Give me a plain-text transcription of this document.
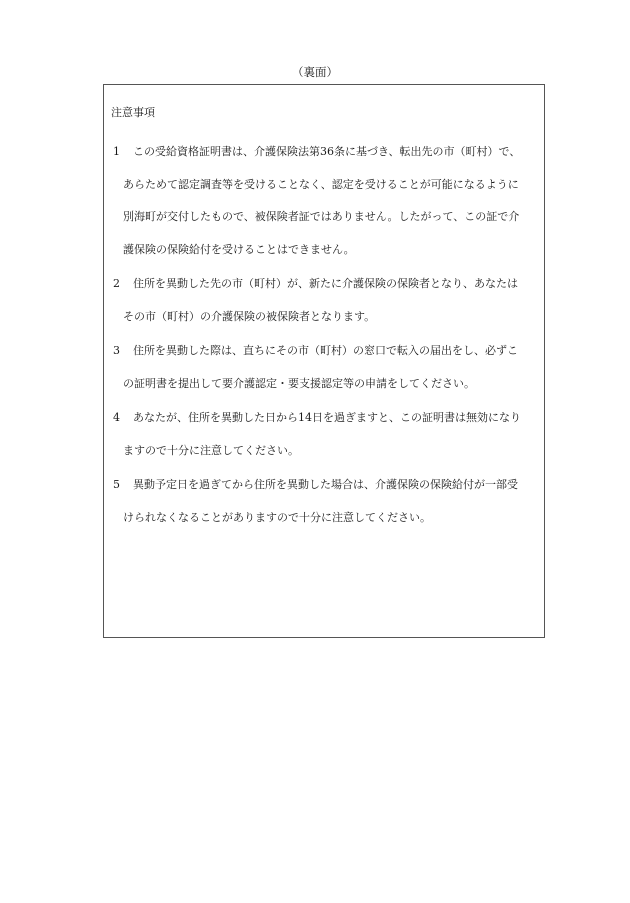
（裏面）
注意事項
1	この受給資格証明書は、介護保険法第36条に基づき、転出先の市（町村）で、
あらためて認定調査等を受けることなく、認定を受けることが可能になるように
別海町が交付したもので、被保険者証ではありません。したがって、この証で介
護保険の保険給付を受けることはできません。
2	住所を異動した先の市（町村）が、新たに介護保険の保険者となり、あなたは
その市（町村）の介護保険の被保険者となります。
3	住所を異動した際は、直ちにその市（町村）の窓口で転入の届出をし、必ずこ
の証明書を提出して要介護認定・要支援認定等の申請をしてください。
4	あなたが、住所を異動した日から14日を過ぎますと、この証明書は無効になり
ますので十分に注意してください。
5	異動予定日を過ぎてから住所を異動した場合は、介護保険の保険給付が一部受
けられなくなることがありますので十分に注意してください。
